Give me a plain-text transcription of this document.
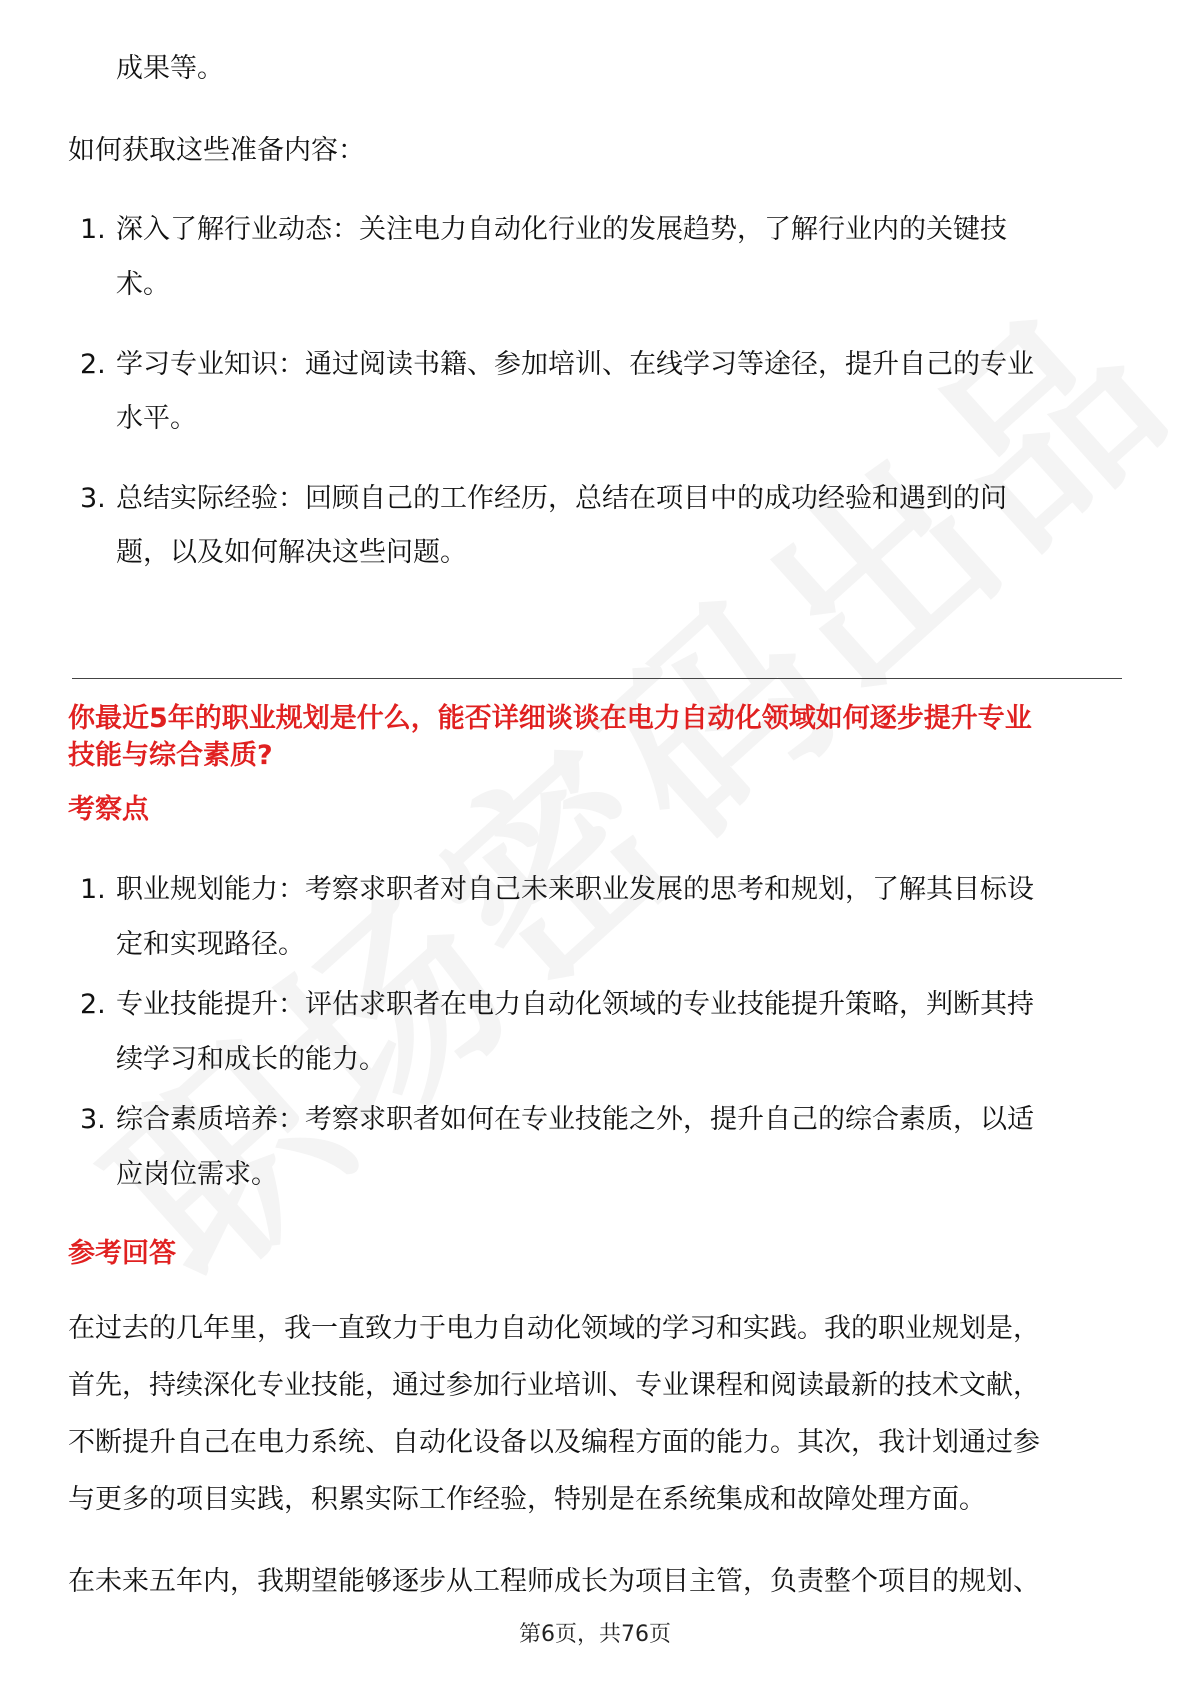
成果等。
如何获取这些准备内容：
1. 深入了解行业动态：关注电力自动化行业的发展趋势，了解行业内的关键技
术。
2. 学习专业知识：通过阅读书籍、参加培训、在线学习等途径，提升自己的专业
水平。
3. 总结实际经验：回顾自己的工作经历，总结在项目中的成功经验和遇到的问
题，以及如何解决这些问题。
你最近5年的职业规划是什么，能否详细谈谈在电力自动化领域如何逐步提升专业
技能与综合素质?
考察点
1. 职业规划能力：考察求职者对自己未来职业发展的思考和规划，了解其目标设
定和实现路径。
2. 专业技能提升：评估求职者在电力自动化领域的专业技能提升策略，判断其持
续学习和成长的能力。
3. 综合素质培养：考察求职者如何在专业技能之外，提升自己的综合素质，以适
应岗位需求。
参考回答
在过去的几年里，我一直致力于电力自动化领域的学习和实践。我的职业规划是，
首先，持续深化专业技能，通过参加行业培训、专业课程和阅读最新的技术文献，
不断提升自己在电力系统、自动化设备以及编程方面的能力。其次，我计划通过参
与更多的项目实践，积累实际工作经验，特别是在系统集成和故障处理方面。
在未来五年内，我期望能够逐步从工程师成长为项目主管，负责整个项目的规划、
第6页，共76页
